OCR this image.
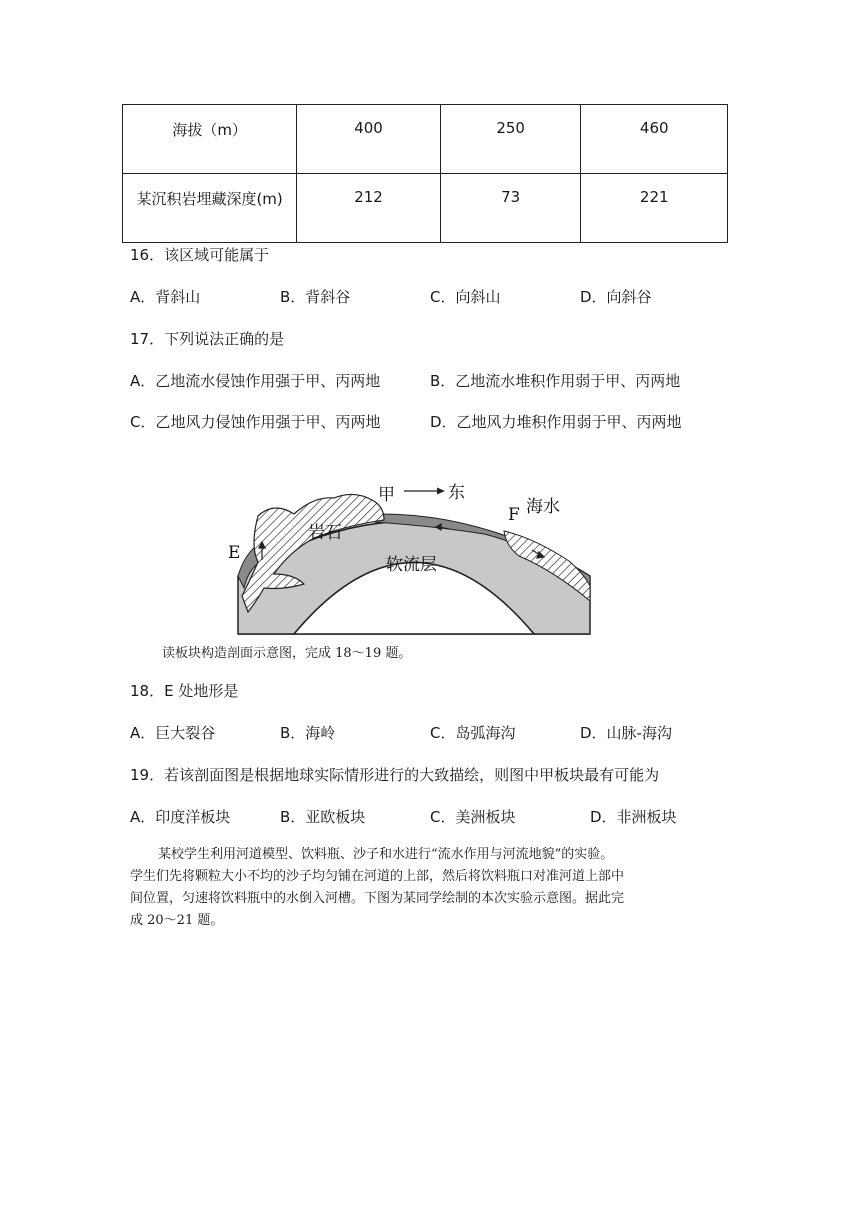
海拔（m）	400	250	460
某沉积岩埋藏深度(m)	212	73	221
16．该区域可能属于
A．背斜山	B．背斜谷	C．向斜山	D．向斜谷
17．下列说法正确的是
A．乙地流水侵蚀作用强于甲、丙两地	B．乙地流水堆积作用弱于甲、丙两地
C．乙地风力侵蚀作用强于甲、丙两地	D．乙地风力堆积作用弱于甲、丙两地
甲	东
F 海水
岩石
E
软流层
读板块构造剖面示意图，完成 18～19 题。
18．E 处地形是
A．巨大裂谷	B．海岭	C．岛弧海沟	D．山脉-海沟
19．若该剖面图是根据地球实际情形进行的大致描绘，则图中甲板块最有可能为
A．印度洋板块	B．亚欧板块	C．美洲板块	D．非洲板块
某校学生利用河道模型、饮料瓶、沙子和水进行“流水作用与河流地貌”的实验。
学生们先将颗粒大小不均的沙子均匀铺在河道的上部，然后将饮料瓶口对准河道上部中
间位置，匀速将饮料瓶中的水倒入河槽。下图为某同学绘制的本次实验示意图。据此完
成 20～21 题。
